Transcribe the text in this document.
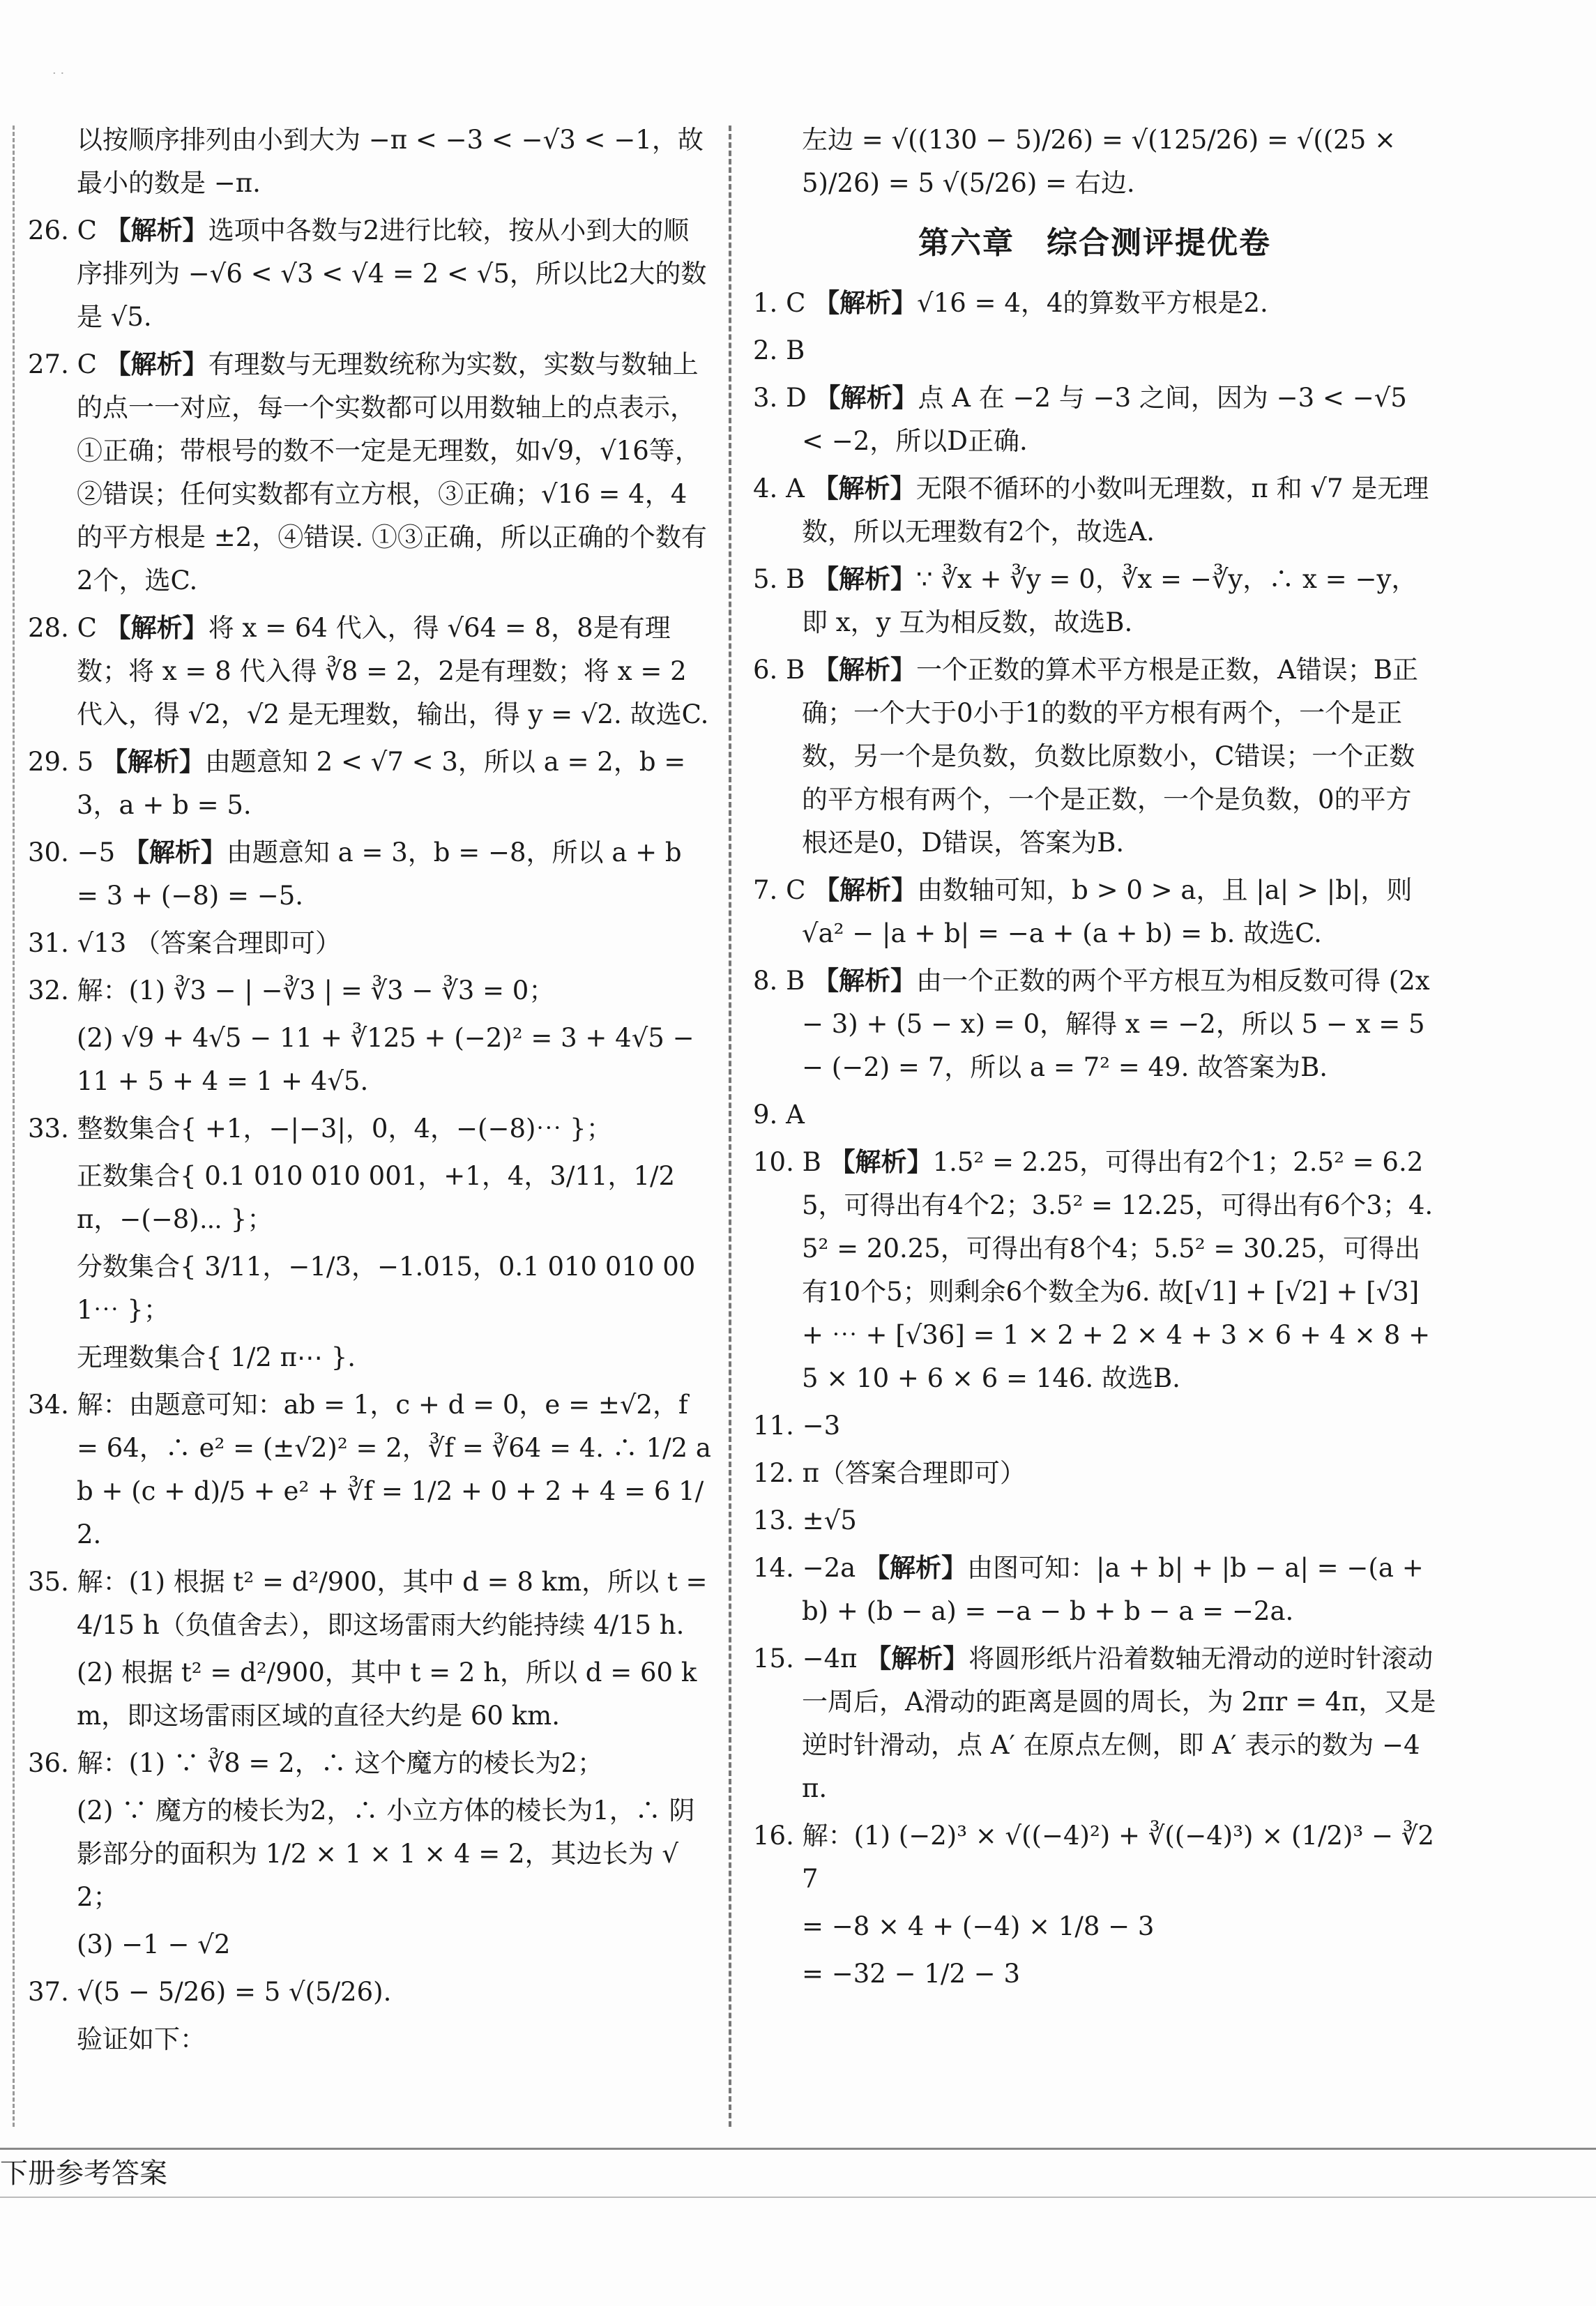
· ·
以按顺序排列由小到大为 −π < −3 < −√3 < −1，故最小的数是 −π.
26. C 【解析】选项中各数与2进行比较，按从小到大的顺序排列为 −√6 < √3 < √4 = 2 < √5，所以比2大的数是 √5.
27. C 【解析】有理数与无理数统称为实数，实数与数轴上的点一一对应，每一个实数都可以用数轴上的点表示，①正确；带根号的数不一定是无理数，如√9，√16等，②错误；任何实数都有立方根，③正确；√16 = 4，4的平方根是 ±2，④错误. ①③正确，所以正确的个数有2个，选C.
28. C 【解析】将 x = 64 代入，得 √64 = 8，8是有理数；将 x = 8 代入得 ∛8 = 2，2是有理数；将 x = 2 代入，得 √2，√2 是无理数，输出，得 y = √2. 故选C.
29. 5 【解析】由题意知 2 < √7 < 3，所以 a = 2，b = 3，a + b = 5.
30. −5 【解析】由题意知 a = 3，b = −8，所以 a + b = 3 + (−8) = −5.
31. √13 （答案合理即可）
32. 解：(1) ∛3 − | −∛3 | = ∛3 − ∛3 = 0；
(2) √9 + 4√5 − 11 + ∛125 + (−2)² = 3 + 4√5 − 11 + 5 + 4 = 1 + 4√5.
33. 整数集合{ +1，−|−3|，0，4，−(−8)⋯ }；
正数集合{ 0.1 010 010 001，+1，4，3/11，1/2 π，−(−8)⋯ }；
分数集合{ 3/11，−1/3，−1.015，0.1 010 010 001⋯ }；
无理数集合{ 1/2 π⋯ }.
34. 解：由题意可知：ab = 1，c + d = 0，e = ±√2，f = 64，∴ e² = (±√2)² = 2，∛f = ∛64 = 4. ∴ 1/2 ab + (c + d)/5 + e² + ∛f = 1/2 + 0 + 2 + 4 = 6 1/2.
35. 解：(1) 根据 t² = d²/900，其中 d = 8 km，所以 t = 4/15 h（负值舍去），即这场雷雨大约能持续 4/15 h.
(2) 根据 t² = d²/900，其中 t = 2 h，所以 d = 60 km，即这场雷雨区域的直径大约是 60 km.
36. 解：(1) ∵ ∛8 = 2，∴ 这个魔方的棱长为2；
(2) ∵ 魔方的棱长为2，∴ 小立方体的棱长为1，∴ 阴影部分的面积为 1/2 × 1 × 1 × 4 = 2，其边长为 √2；
(3) −1 − √2
37. √(5 − 5/26) = 5 √(5/26).
验证如下：
左边 = √((130 − 5)/26) = √(125/26) = √((25 × 5)/26) = 5 √(5/26) = 右边.
第六章　综合测评提优卷
1. C 【解析】√16 = 4，4的算数平方根是2.
2. B
3. D 【解析】点 A 在 −2 与 −3 之间，因为 −3 < −√5 < −2，所以D正确.
4. A 【解析】无限不循环的小数叫无理数，π 和 √7 是无理数，所以无理数有2个，故选A.
5. B 【解析】∵ ∛x + ∛y = 0，∛x = −∛y，∴ x = −y，即 x，y 互为相反数，故选B.
6. B 【解析】一个正数的算术平方根是正数，A错误；B正确；一个大于0小于1的数的平方根有两个，一个是正数，另一个是负数，负数比原数小，C错误；一个正数的平方根有两个，一个是正数，一个是负数，0的平方根还是0，D错误，答案为B.
7. C 【解析】由数轴可知，b > 0 > a，且 |a| > |b|，则 √a² − |a + b| = −a + (a + b) = b. 故选C.
8. B 【解析】由一个正数的两个平方根互为相反数可得 (2x − 3) + (5 − x) = 0，解得 x = −2，所以 5 − x = 5 − (−2) = 7，所以 a = 7² = 49. 故答案为B.
9. A
10. B 【解析】1.5² = 2.25，可得出有2个1；2.5² = 6.25，可得出有4个2；3.5² = 12.25，可得出有6个3；4.5² = 20.25，可得出有8个4；5.5² = 30.25，可得出有10个5；则剩余6个数全为6. 故[√1] + [√2] + [√3] + ⋯ + [√36] = 1 × 2 + 2 × 4 + 3 × 6 + 4 × 8 + 5 × 10 + 6 × 6 = 146. 故选B.
11. −3
12. π（答案合理即可）
13. ±√5
14. −2a 【解析】由图可知：|a + b| + |b − a| = −(a + b) + (b − a) = −a − b + b − a = −2a.
15. −4π 【解析】将圆形纸片沿着数轴无滑动的逆时针滚动一周后，A滑动的距离是圆的周长，为 2πr = 4π，又是逆时针滑动，点 A′ 在原点左侧，即 A′ 表示的数为 −4π.
16. 解：(1) (−2)³ × √((−4)²) + ∛((−4)³) × (1/2)³ − ∛27
= −8 × 4 + (−4) × 1/8 − 3
= −32 − 1/2 − 3
下册参考答案
